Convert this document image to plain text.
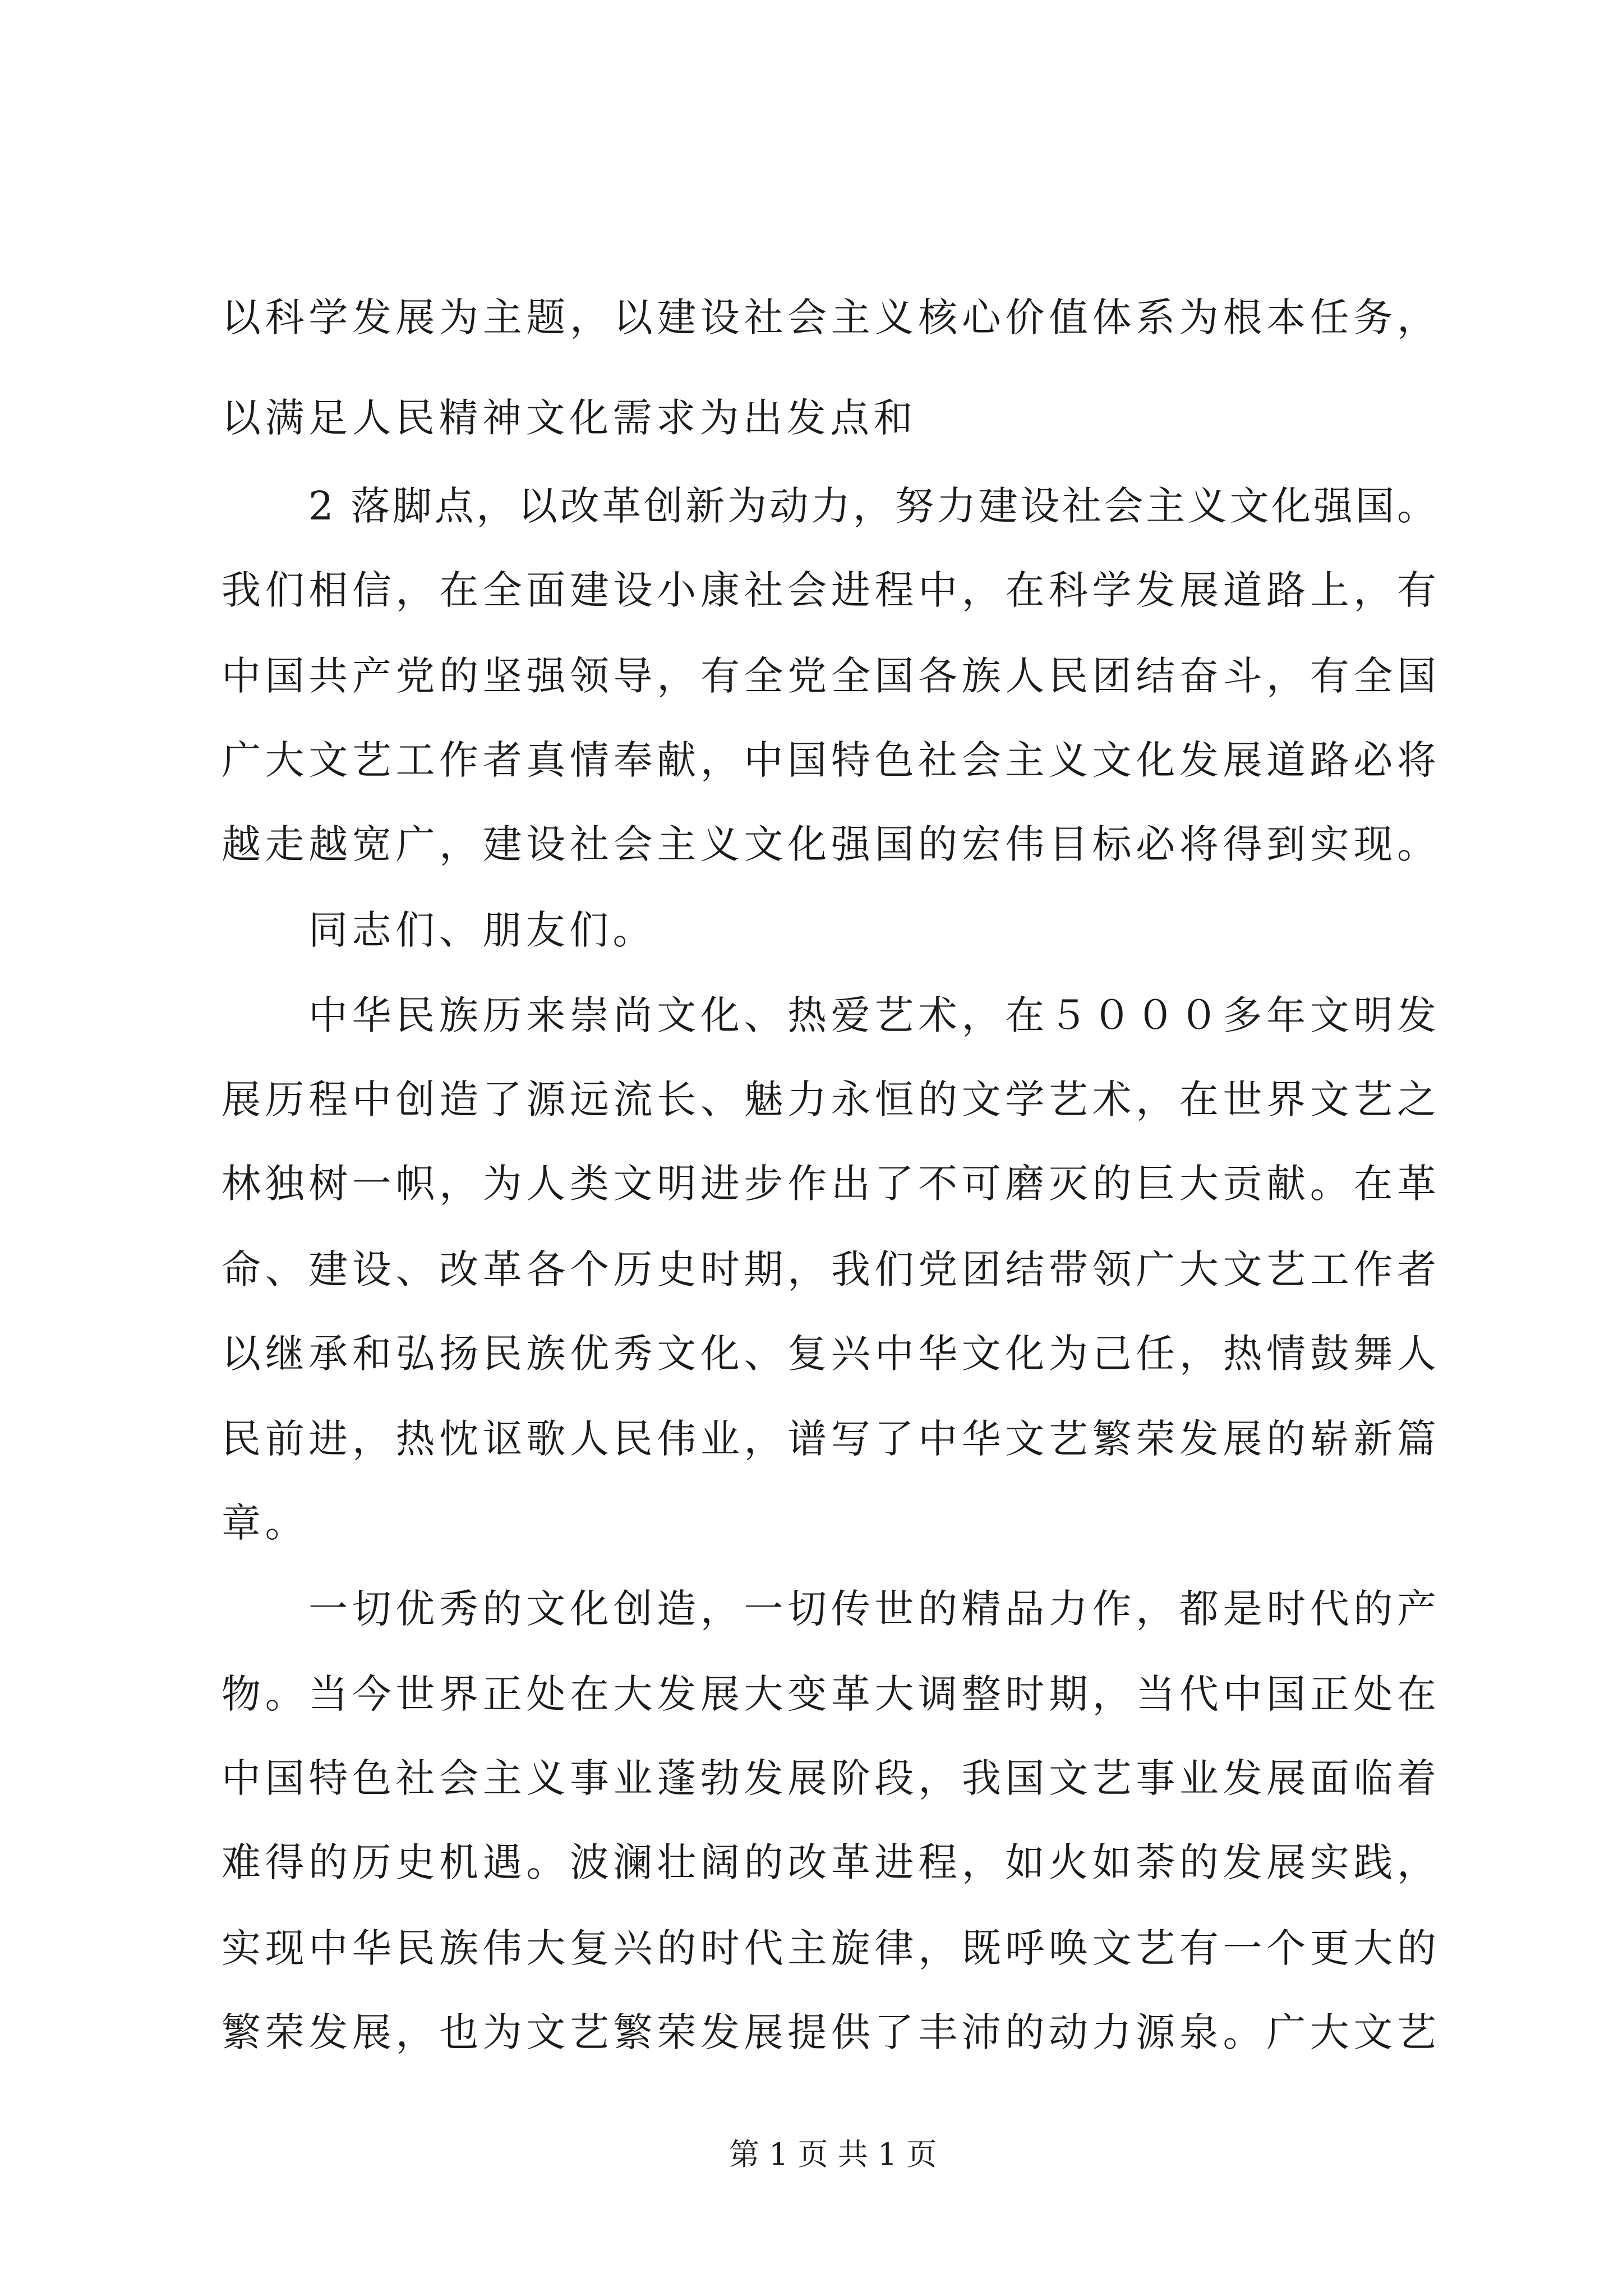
以科学发展为主题，以建设社会主义核心价值体系为根本任务，
以满足人民精神文化需求为出发点和
2 落脚点，以改革创新为动力，努力建设社会主义文化强国。
我们相信，在全面建设小康社会进程中，在科学发展道路上，有
中国共产党的坚强领导，有全党全国各族人民团结奋斗，有全国
广大文艺工作者真情奉献，中国特色社会主义文化发展道路必将
越走越宽广，建设社会主义文化强国的宏伟目标必将得到实现。
同志们、朋友们。
中华民族历来崇尚文化、热爱艺术，在５０００多年文明发
展历程中创造了源远流长、魅力永恒的文学艺术，在世界文艺之
林独树一帜，为人类文明进步作出了不可磨灭的巨大贡献。在革
命、建设、改革各个历史时期，我们党团结带领广大文艺工作者
以继承和弘扬民族优秀文化、复兴中华文化为己任，热情鼓舞人
民前进，热忱讴歌人民伟业，谱写了中华文艺繁荣发展的崭新篇
章。
一切优秀的文化创造，一切传世的精品力作，都是时代的产
物。当今世界正处在大发展大变革大调整时期，当代中国正处在
中国特色社会主义事业蓬勃发展阶段，我国文艺事业发展面临着
难得的历史机遇。波澜壮阔的改革进程，如火如荼的发展实践，
实现中华民族伟大复兴的时代主旋律，既呼唤文艺有一个更大的
繁荣发展，也为文艺繁荣发展提供了丰沛的动力源泉。广大文艺
第 1 页 共 1 页
